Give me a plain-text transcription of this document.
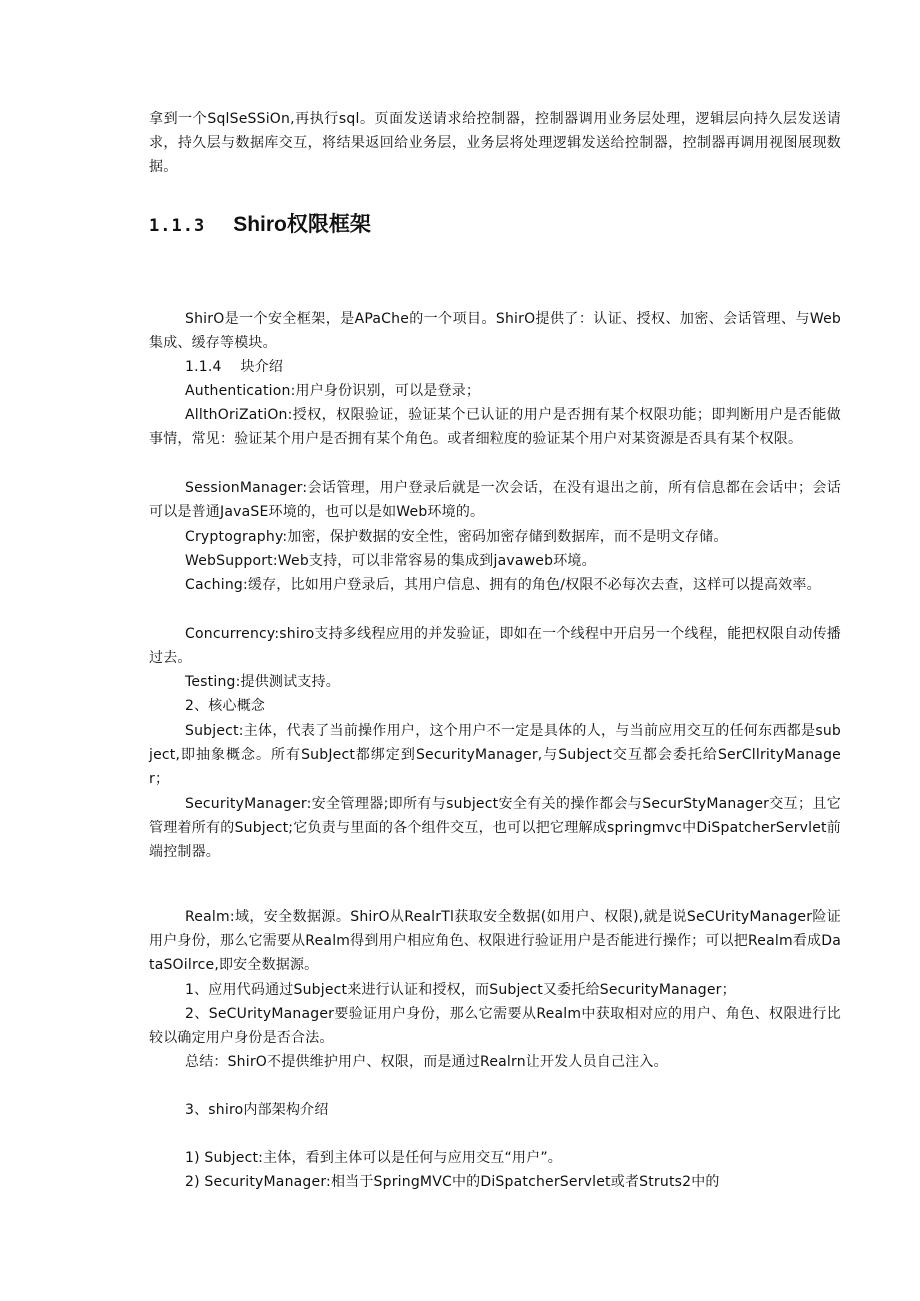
拿到一个SqlSeSSiOn,再执行sql。页面发送请求给控制器，控制器调用业务层处理，逻辑层向持久层发送请求，持久层与数据库交互，将结果返回给业务层，业务层将处理逻辑发送给控制器，控制器再调用视图展现数据。

1.1.3 Shiro权限框架

ShirO是一个安全框架，是APaChe的一个项目。ShirO提供了：认证、授权、加密、会话管理、与Web集成、缓存等模块。

1.1.4　 块介绍

Authentication:用户身份识别，可以是登录；

AllthOriZatiOn:授权，权限验证，验证某个已认证的用户是否拥有某个权限功能；即判断用户是否能做事情，常见：验证某个用户是否拥有某个角色。或者细粒度的验证某个用户对某资源是否具有某个权限。

SessionManager:会话管理，用户登录后就是一次会话，在没有退出之前，所有信息都在会话中；会话可以是普通JavaSE环境的，也可以是如Web环境的。

Cryptography:加密，保护数据的安全性，密码加密存储到数据库，而不是明文存储。

WebSupport:Web支持，可以非常容易的集成到javaweb环境。

Caching:缓存，比如用户登录后，其用户信息、拥有的角色/权限不必每次去查，这样可以提高效率。

Concurrency:shiro支持多线程应用的并发验证，即如在一个线程中开启另一个线程，能把权限自动传播过去。

Testing:提供测试支持。

2、核心概念

Subject:主体，代表了当前操作用户，这个用户不一定是具体的人，与当前应用交互的任何东西都是subject,即抽象概念。所有SubJect都绑定到SecurityManager,与Subject交互都会委托给SerCllrityManager；

SecurityManager:安全管理器;即所有与subject安全有关的操作都会与SecurStyManager交互；且它管理着所有的Subject;它负责与里面的各个组件交互，也可以把它理解成springmvc中DiSpatcherServlet前端控制器。

Realm:域，安全数据源。ShirO从RealrTl获取安全数据(如用户、权限),就是说SeCUrityManager险证用户身份，那么它需要从Realm得到用户相应角色、权限进行验证用户是否能进行操作；可以把Realm看成DataSOilrce,即安全数据源。

1、应用代码通过Subject来进行认证和授权，而Subject又委托给SecurityManager；

2、SeCUrityManager要验证用户身份，那么它需要从Realm中获取相对应的用户、角色、权限进行比较以确定用户身份是否合法。

总结：ShirO不提供维护用户、权限，而是通过Realrn让开发人员自己注入。

3、shiro内部架构介绍

1) Subject:主体，看到主体可以是任何与应用交互“用户”。

2) SecurityManager:相当于SpringMVC中的DiSpatcherServlet或者Struts2中的
